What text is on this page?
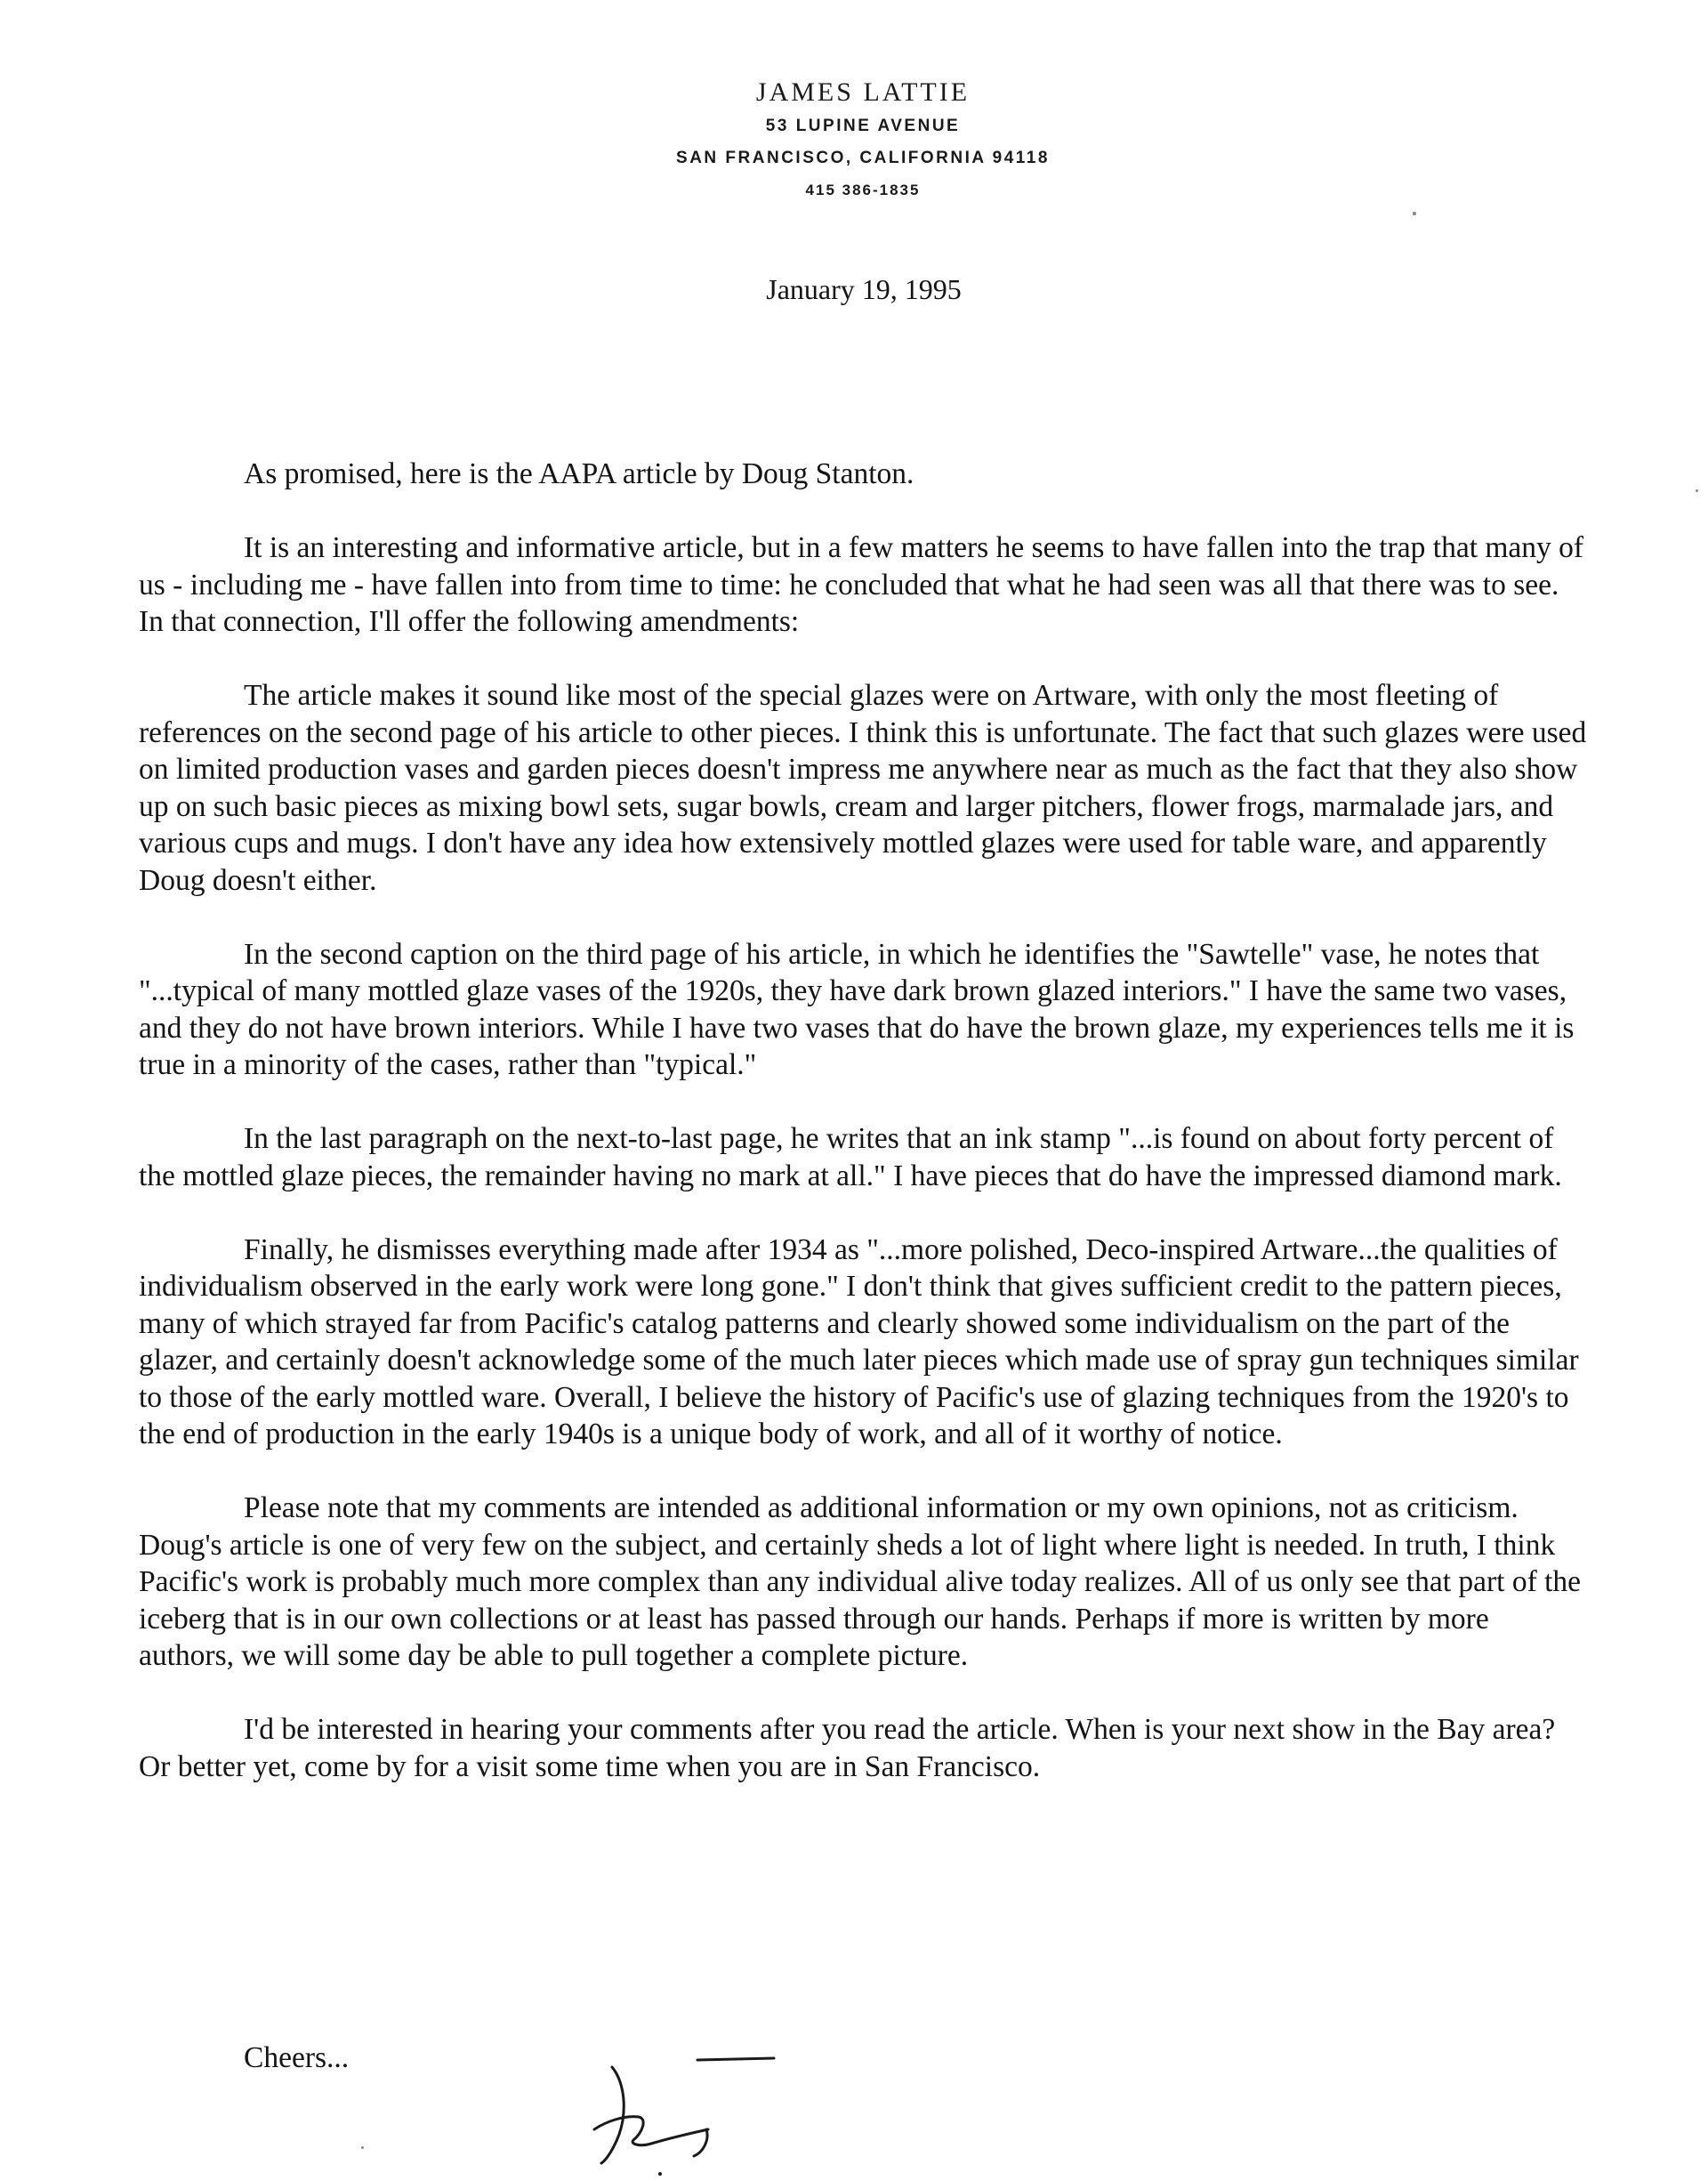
JAMES LATTIE
53 LUPINE AVENUE
SAN FRANCISCO, CALIFORNIA 94118
415 386-1835
January 19, 1995

As promised, here is the AAPA article by Doug Stanton.

It is an interesting and informative article, but in a few matters he seems to have fallen into the trap that many of us - including me - have fallen into from time to time: he concluded that what he had seen was all that there was to see. In that connection, I'll offer the following amendments:

The article makes it sound like most of the special glazes were on Artware, with only the most fleeting of references on the second page of his article to other pieces. I think this is unfortunate. The fact that such glazes were used on limited production vases and garden pieces doesn't impress me anywhere near as much as the fact that they also show up on such basic pieces as mixing bowl sets, sugar bowls, cream and larger pitchers, flower frogs, marmalade jars, and various cups and mugs. I don't have any idea how extensively mottled glazes were used for table ware, and apparently Doug doesn't either.

In the second caption on the third page of his article, in which he identifies the "Sawtelle" vase, he notes that "...typical of many mottled glaze vases of the 1920s, they have dark brown glazed interiors." I have the same two vases, and they do not have brown interiors. While I have two vases that do have the brown glaze, my experiences tells me it is true in a minority of the cases, rather than "typical."

In the last paragraph on the next-to-last page, he writes that an ink stamp "...is found on about forty percent of the mottled glaze pieces, the remainder having no mark at all." I have pieces that do have the impressed diamond mark.

Finally, he dismisses everything made after 1934 as "...more polished, Deco-inspired Artware...the qualities of individualism observed in the early work were long gone." I don't think that gives sufficient credit to the pattern pieces, many of which strayed far from Pacific's catalog patterns and clearly showed some individualism on the part of the glazer, and certainly doesn't acknowledge some of the much later pieces which made use of spray gun techniques similar to those of the early mottled ware. Overall, I believe the history of Pacific's use of glazing techniques from the 1920's to the end of production in the early 1940s is a unique body of work, and all of it worthy of notice.

Please note that my comments are intended as additional information or my own opinions, not as criticism. Doug's article is one of very few on the subject, and certainly sheds a lot of light where light is needed. In truth, I think Pacific's work is probably much more complex than any individual alive today realizes. All of us only see that part of the iceberg that is in our own collections or at least has passed through our hands. Perhaps if more is written by more authors, we will some day be able to pull together a complete picture.

I'd be interested in hearing your comments after you read the article. When is your next show in the Bay area? Or better yet, come by for a visit some time when you are in San Francisco.

Cheers...
